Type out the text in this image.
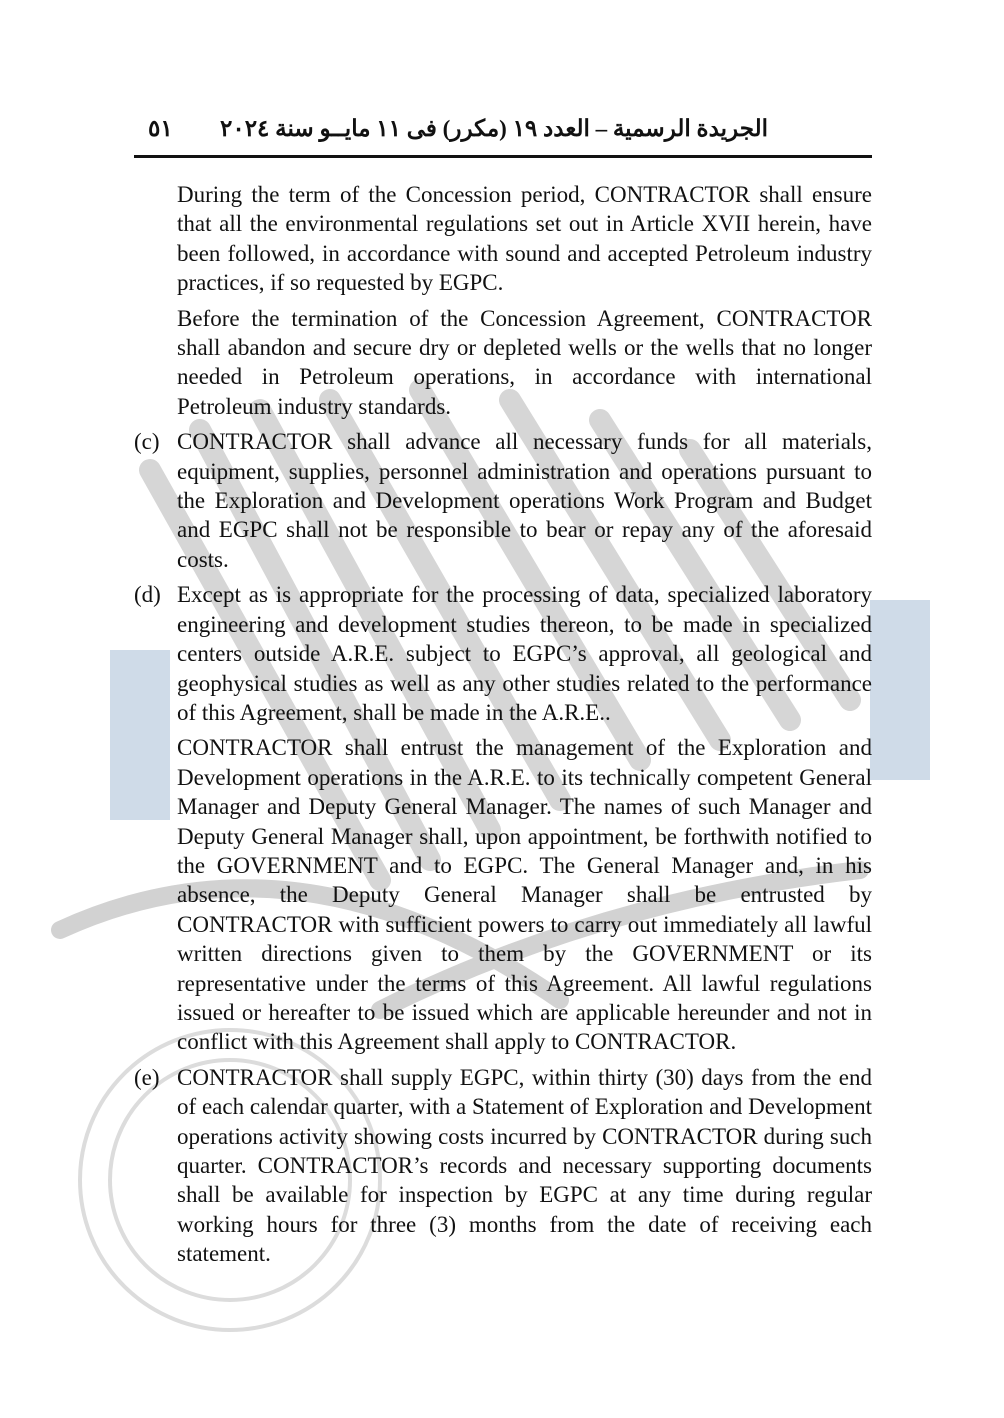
٥١ الجريدة الرسمية – العدد ١٩ (مكرر) فى ١١ مايــو سنة ٢٠٢٤

During the term of the Concession period, CONTRACTOR shall ensure that all the environmental regulations set out in Article XVII herein, have been followed, in accordance with sound and accepted Petroleum industry practices, if so requested by EGPC.

Before the termination of the Concession Agreement, CONTRACTOR shall abandon and secure dry or depleted wells or the wells that no longer needed in Petroleum operations, in accordance with international Petroleum industry standards.

(c) CONTRACTOR shall advance all necessary funds for all materials, equipment, supplies, personnel administration and operations pursuant to the Exploration and Development operations Work Program and Budget and EGPC shall not be responsible to bear or repay any of the aforesaid costs.
(d) Except as is appropriate for the processing of data, specialized laboratory engineering and development studies thereon, to be made in specialized centers outside A.R.E. subject to EGPC’s approval, all geological and geophysical studies as well as any other studies related to the performance of this Agreement, shall be made in the A.R.E..

CONTRACTOR shall entrust the management of the Exploration and Development operations in the A.R.E. to its technically competent General Manager and Deputy General Manager. The names of such Manager and Deputy General Manager shall, upon appointment, be forthwith notified to the GOVERNMENT and to EGPC. The General Manager and, in his absence, the Deputy General Manager shall be entrusted by CONTRACTOR with sufficient powers to carry out immediately all lawful written directions given to them by the GOVERNMENT or its representative under the terms of this Agreement. All lawful regulations issued or hereafter to be issued which are applicable hereunder and not in conflict with this Agreement shall apply to CONTRACTOR.

(e) CONTRACTOR shall supply EGPC, within thirty (30) days from the end of each calendar quarter, with a Statement of Exploration and Development operations activity showing costs incurred by CONTRACTOR during such quarter. CONTRACTOR’s records and necessary supporting documents shall be available for inspection by EGPC at any time during regular working hours for three (3) months from the date of receiving each statement.
